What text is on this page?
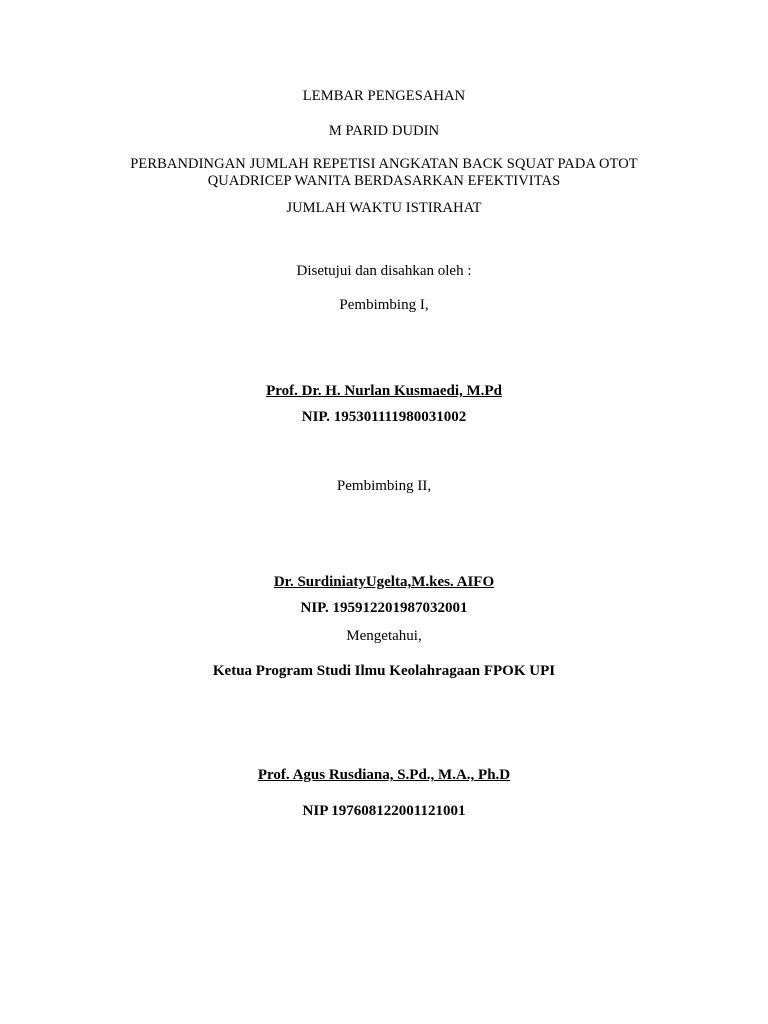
LEMBAR PENGESAHAN
M PARID DUDIN
PERBANDINGAN JUMLAH REPETISI ANGKATAN BACK SQUAT PADA OTOT
QUADRICEP WANITA BERDASARKAN EFEKTIVITAS
JUMLAH WAKTU ISTIRAHAT
Disetujui dan disahkan oleh :
Pembimbing I,
Prof. Dr. H. Nurlan Kusmaedi, M.Pd
NIP. 195301111980031002
Pembimbing II,
Dr. SurdiniatyUgelta,M.kes. AIFO
NIP. 195912201987032001
Mengetahui,
Ketua Program Studi Ilmu Keolahragaan FPOK UPI
Prof. Agus Rusdiana, S.Pd., M.A., Ph.D
NIP 197608122001121001
